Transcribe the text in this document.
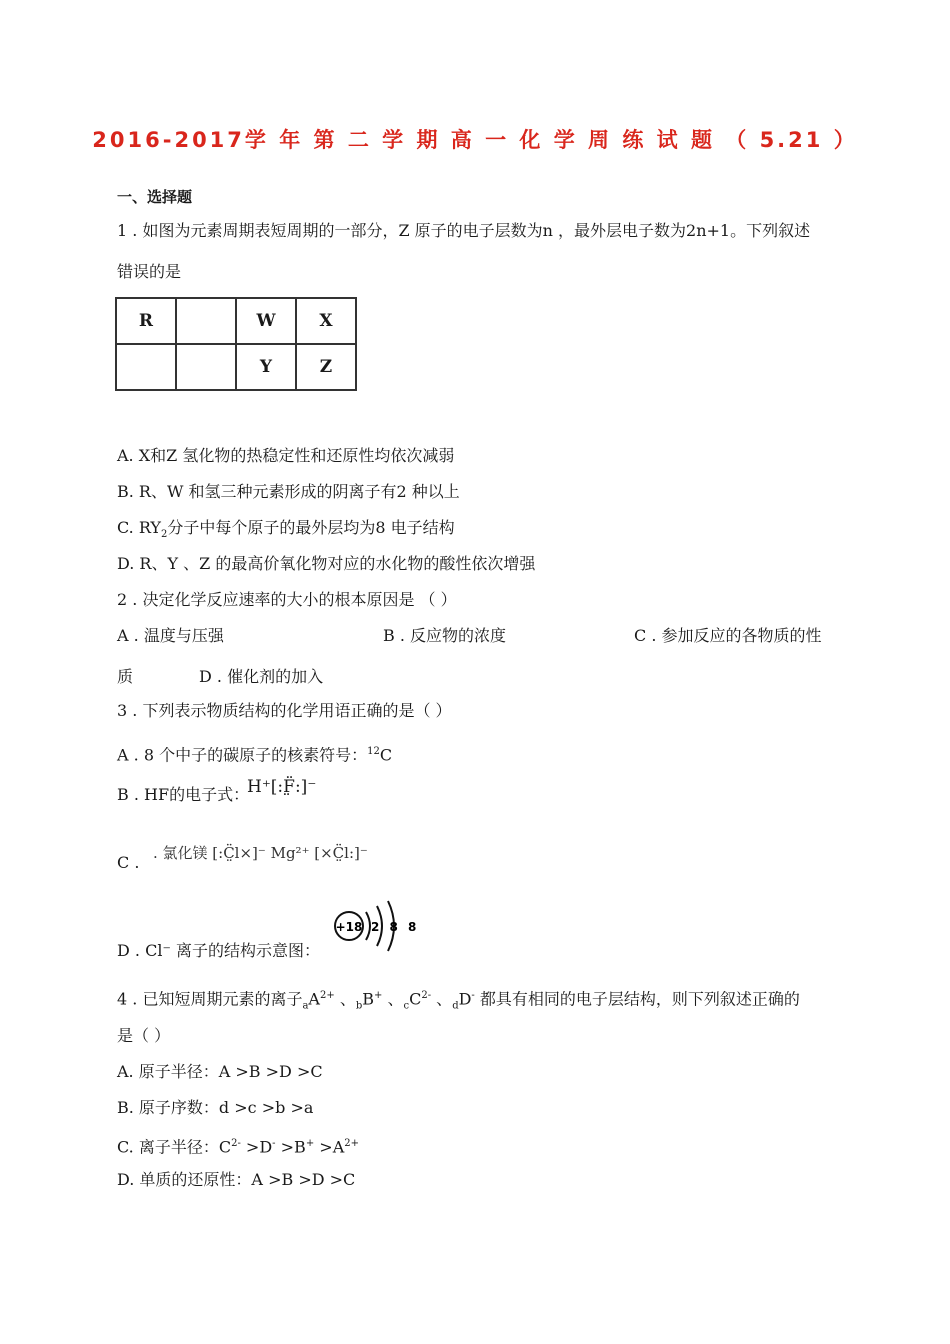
2016-2017学 年 第 二 学 期 高 一 化 学 周 练 试 题 （ 5.21 ）
一、选择题
1 . 如图为元素周期表短周期的一部分，Z 原子的电子层数为n ，最外层电子数为2n+1。下列叙述
错误的是
R		W	X
		Y	Z
A. X和Z 氢化物的热稳定性和还原性均依次减弱
B. R、W 和氢三种元素形成的阴离子有2 种以上
C. $RY_2$分子中每个原子的最外层均为8 电子结构
D. R、Y 、Z 的最高价氧化物对应的水化物的酸性依次增强
2 . 决定化学反应速率的大小的根本原因是 （ ）
A . 温度与压强	B . 反应物的浓度	C . 参加反应的各物质的性
质	D . 催化剂的加入
3 . 下列表示物质结构的化学用语正确的是（ ）
A . 8 个中子的碳原子的核素符号：$^{12}$C
B . HF的电子式：
H⁺[:F̤̈:]⁻
C . . 氯化镁 [:C̤̈l×]⁻ Mg²⁺ [×C̤̈l:]⁻
D . Cl⁻ 离子的结构示意图：
+18 2 8 8
4 . 已知短周期元素的离子$_aA^{2+}$ 、$_b$B+ 、$_cC^{2-}$ 、$_d$D- 都具有相同的电子层结构，则下列叙述正确的
是（ ）
A. 原子半径：A >B >D >C
B. 原子序数：d >c >b >a
C. 离子半径：$C^{2-} >D^- >B^+ >A^{2+}$
D. 单质的还原性：A >B >D >C
